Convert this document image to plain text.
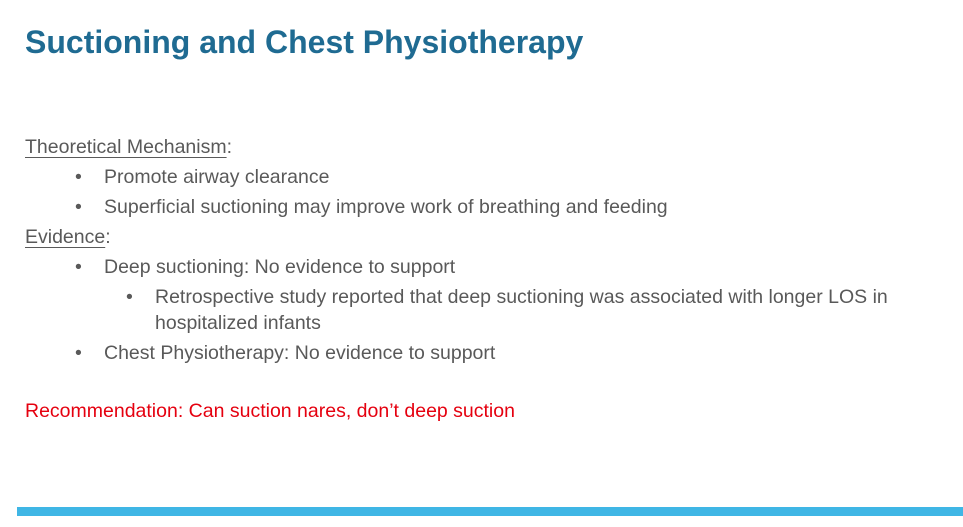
Suctioning and Chest Physiotherapy
Theoretical Mechanism:
• Promote airway clearance
• Superficial suctioning may improve work of breathing and feeding
Evidence:
• Deep suctioning: No evidence to support
•	Retrospective study reported that deep suctioning was associated with longer LOS in hospitalized infants
• Chest Physiotherapy: No evidence to support
Recommendation: Can suction nares, don’t deep suction
